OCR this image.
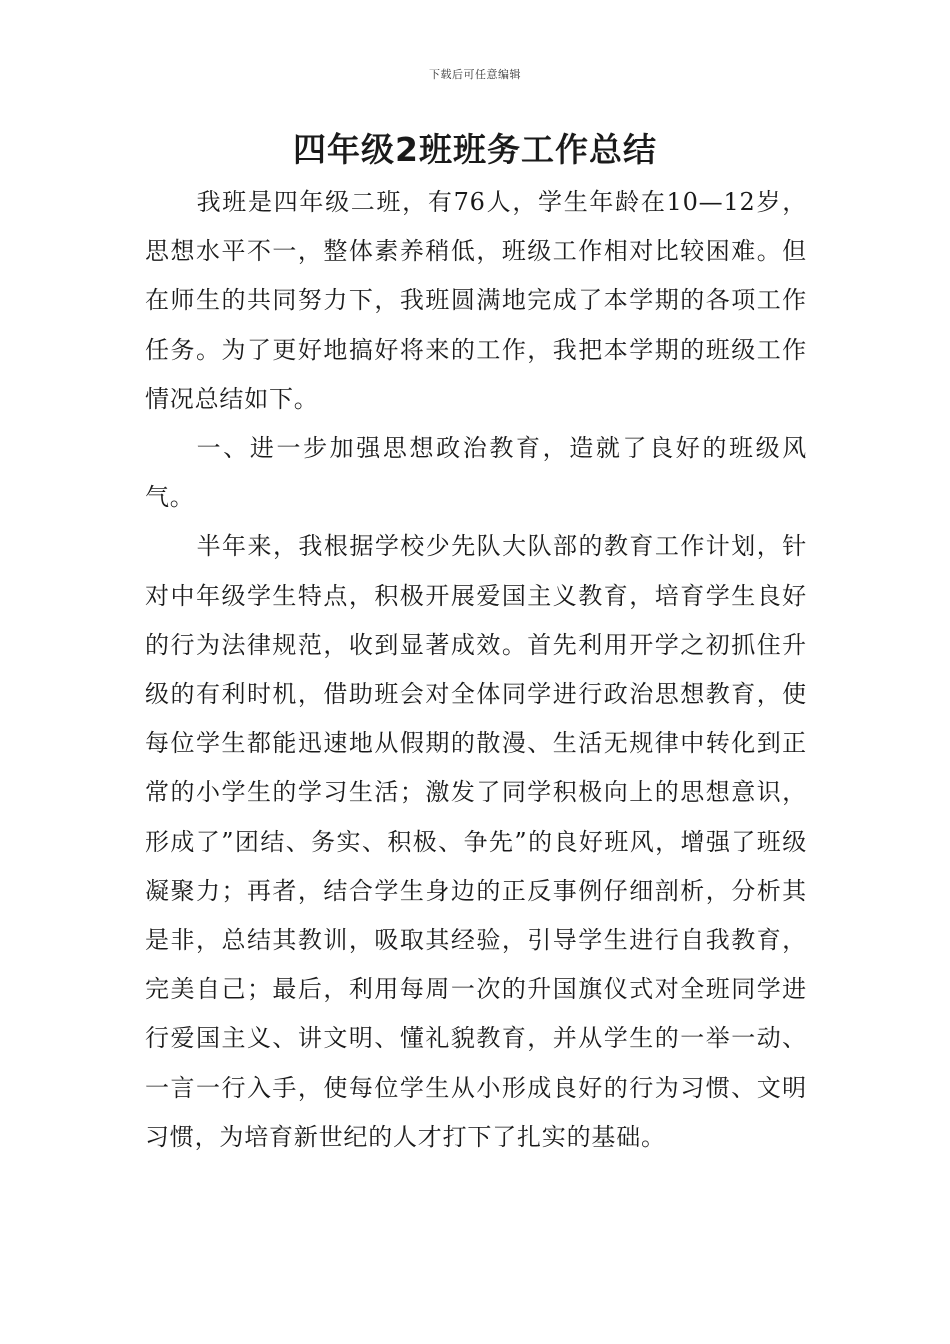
下载后可任意编辑
四年级2班班务工作总结

我班是四年级二班，有76人，学生年龄在10—12岁，思想水平不一，整体素养稍低，班级工作相对比较困难。但在师生的共同努力下，我班圆满地完成了本学期的各项工作任务。为了更好地搞好将来的工作，我把本学期的班级工作情况总结如下。

一、进一步加强思想政治教育，造就了良好的班级风气。

半年来，我根据学校少先队大队部的教育工作计划，针对中年级学生特点，积极开展爱国主义教育，培育学生良好的行为法律规范，收到显著成效。首先利用开学之初抓住升级的有利时机，借助班会对全体同学进行政治思想教育，使每位学生都能迅速地从假期的散漫、生活无规律中转化到正常的小学生的学习生活；激发了同学积极向上的思想意识，形成了”团结、务实、积极、争先”的良好班风，增强了班级凝聚力；再者，结合学生身边的正反事例仔细剖析，分析其是非，总结其教训，吸取其经验，引导学生进行自我教育，完美自己；最后，利用每周一次的升国旗仪式对全班同学进行爱国主义、讲文明、懂礼貌教育，并从学生的一举一动、一言一行入手，使每位学生从小形成良好的行为习惯、文明习惯，为培育新世纪的人才打下了扎实的基础。
